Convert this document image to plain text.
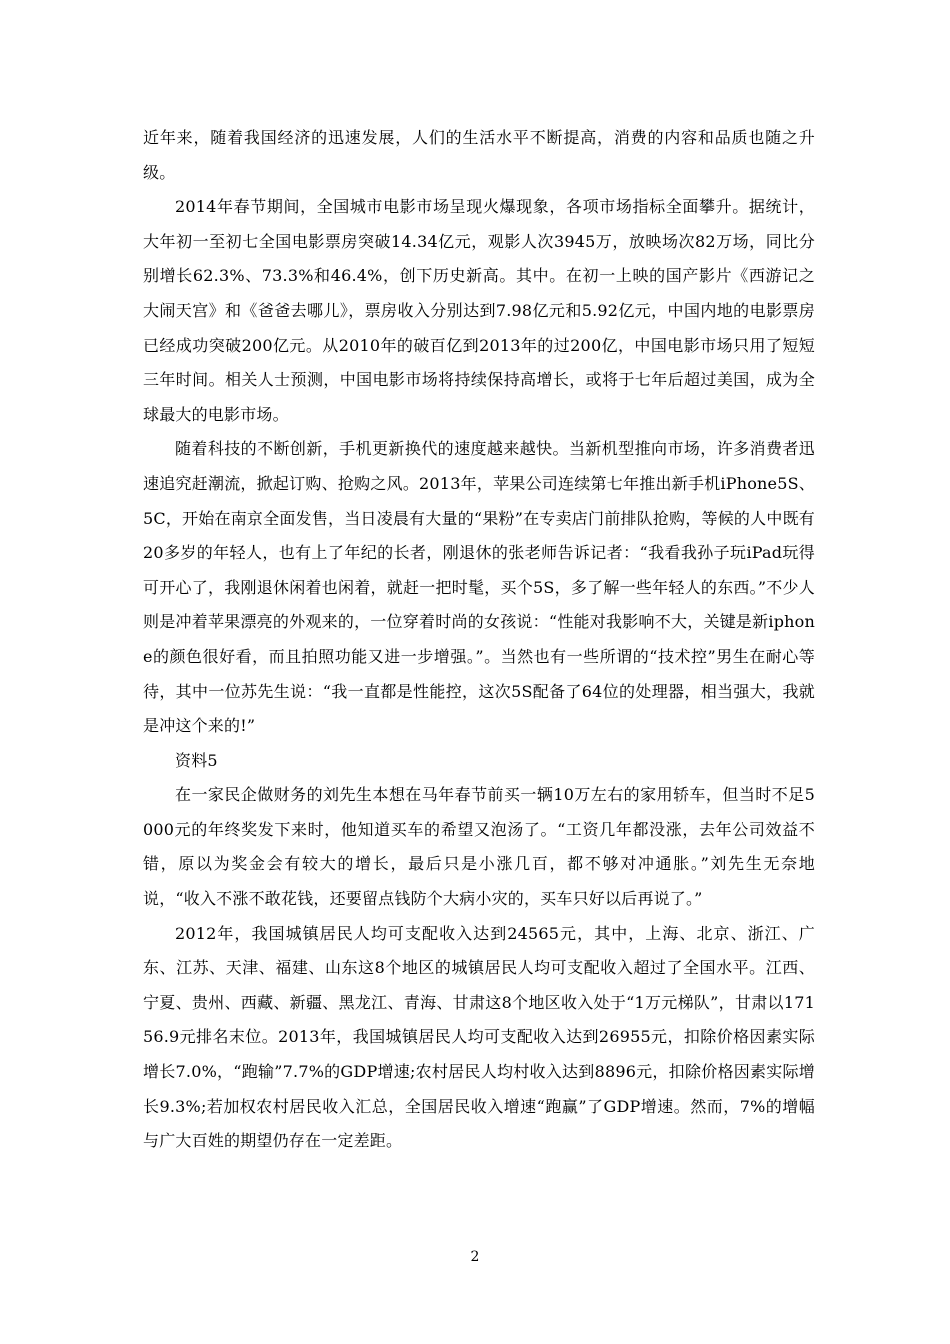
近年来，随着我国经济的迅速发展，人们的生活水平不断提高，消费的内容和品质也随之升级。

2014年春节期间，全国城市电影市场呈现火爆现象，各项市场指标全面攀升。据统计，大年初一至初七全国电影票房突破14.34亿元，观影人次3945万，放映场次82万场，同比分别增长62.3%、73.3%和46.4%，创下历史新高。其中。在初一上映的国产影片《西游记之大闹天宫》和《爸爸去哪儿》，票房收入分别达到7.98亿元和5.92亿元，中国内地的电影票房已经成功突破200亿元。从2010年的破百亿到2013年的过200亿，中国电影市场只用了短短三年时间。相关人士预测，中国电影市场将持续保持高增长，或将于七年后超过美国，成为全球最大的电影市场。

随着科技的不断创新，手机更新换代的速度越来越快。当新机型推向市场，许多消费者迅速追究赶潮流，掀起订购、抢购之风。2013年，苹果公司连续第七年推出新手机iPhone5S、5C，开始在南京全面发售，当日凌晨有大量的“果粉”在专卖店门前排队抢购，等候的人中既有20多岁的年轻人，也有上了年纪的长者，刚退休的张老师告诉记者：“我看我孙子玩iPad玩得可开心了，我刚退休闲着也闲着，就赶一把时髦，买个5S，多了解一些年轻人的东西。”不少人则是冲着苹果漂亮的外观来的，一位穿着时尚的女孩说：“性能对我影响不大，关键是新iphone的颜色很好看，而且拍照功能又进一步增强。”。当然也有一些所谓的“技术控”男生在耐心等待，其中一位苏先生说：“我一直都是性能控，这次5S配备了64位的处理器，相当强大，我就是冲这个来的!”

资料5

在一家民企做财务的刘先生本想在马年春节前买一辆10万左右的家用轿车，但当时不足5000元的年终奖发下来时，他知道买车的希望又泡汤了。“工资几年都没涨，去年公司效益不错，原以为奖金会有较大的增长，最后只是小涨几百，都不够对冲通胀。”刘先生无奈地说，“收入不涨不敢花钱，还要留点钱防个大病小灾的，买车只好以后再说了。”

2012年，我国城镇居民人均可支配收入达到24565元，其中，上海、北京、浙江、广东、江苏、天津、福建、山东这8个地区的城镇居民人均可支配收入超过了全国水平。江西、宁夏、贵州、西藏、新疆、黑龙江、青海、甘肃这8个地区收入处于“1万元梯队”，甘肃以17156.9元排名末位。2013年，我国城镇居民人均可支配收入达到26955元，扣除价格因素实际增长7.0%，“跑输”7.7%的GDP增速;农村居民人均村收入达到8896元，扣除价格因素实际增长9.3%;若加权农村居民收入汇总，全国居民收入增速“跑赢”了GDP增速。然而，7%的增幅与广大百姓的期望仍存在一定差距。

2
